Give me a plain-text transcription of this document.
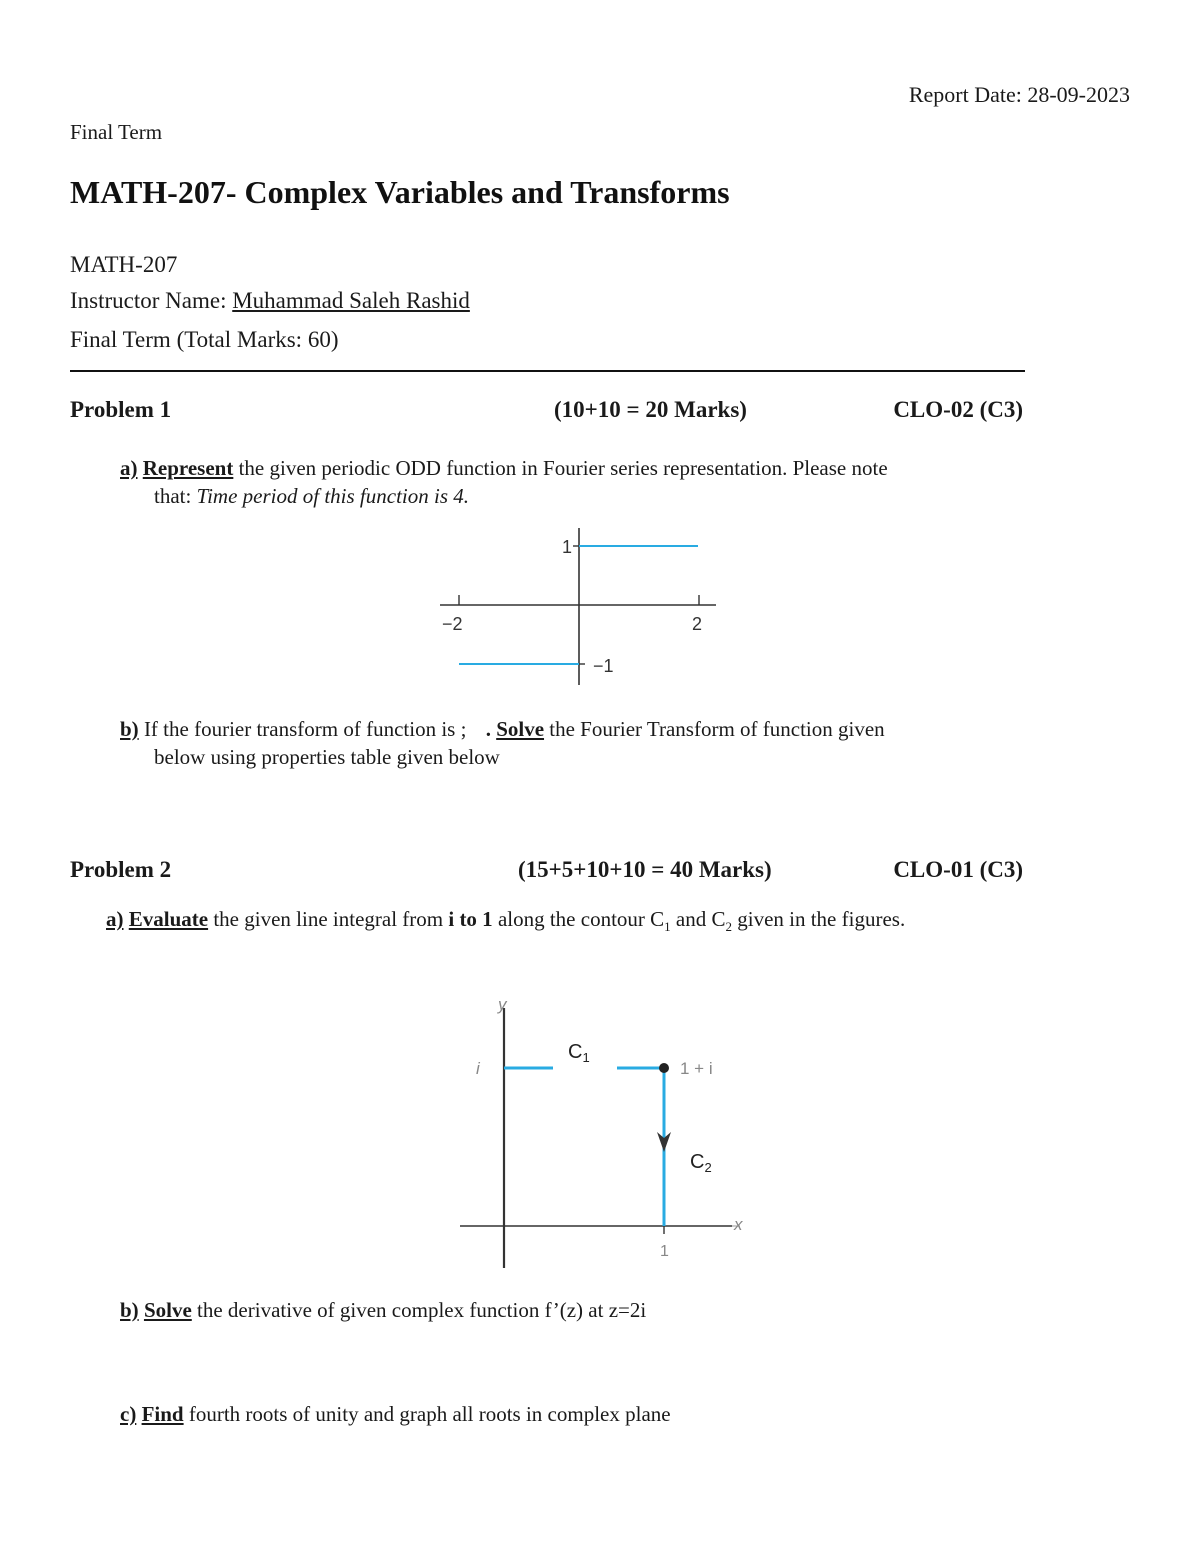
Report Date: 28-09-2023
Final Term
MATH-207- Complex Variables and Transforms
MATH-207
Instructor Name: Muhammad Saleh Rashid
Final Term (Total Marks: 60)
Problem 1	(10+10 = 20 Marks)	CLO-02 (C3)
a) Represent the given periodic ODD function in Fourier series representation. Please note
that: Time period of this function is 4.
1
−1
−2	2
b) If the fourier transform of function is ; . Solve the Fourier Transform of function given
below using properties table given below
Problem 2	(15+5+10+10 = 40 Marks)	CLO-01 (C3)
a) Evaluate the given line integral from i to 1 along the contour $C_1$ and $C_2$ given in the figures.
y
x
i	1 + i
1
$C_1$
$C_2$
b) Solve the derivative of given complex function f’(z) at z=2i
c) Find fourth roots of unity and graph all roots in complex plane
